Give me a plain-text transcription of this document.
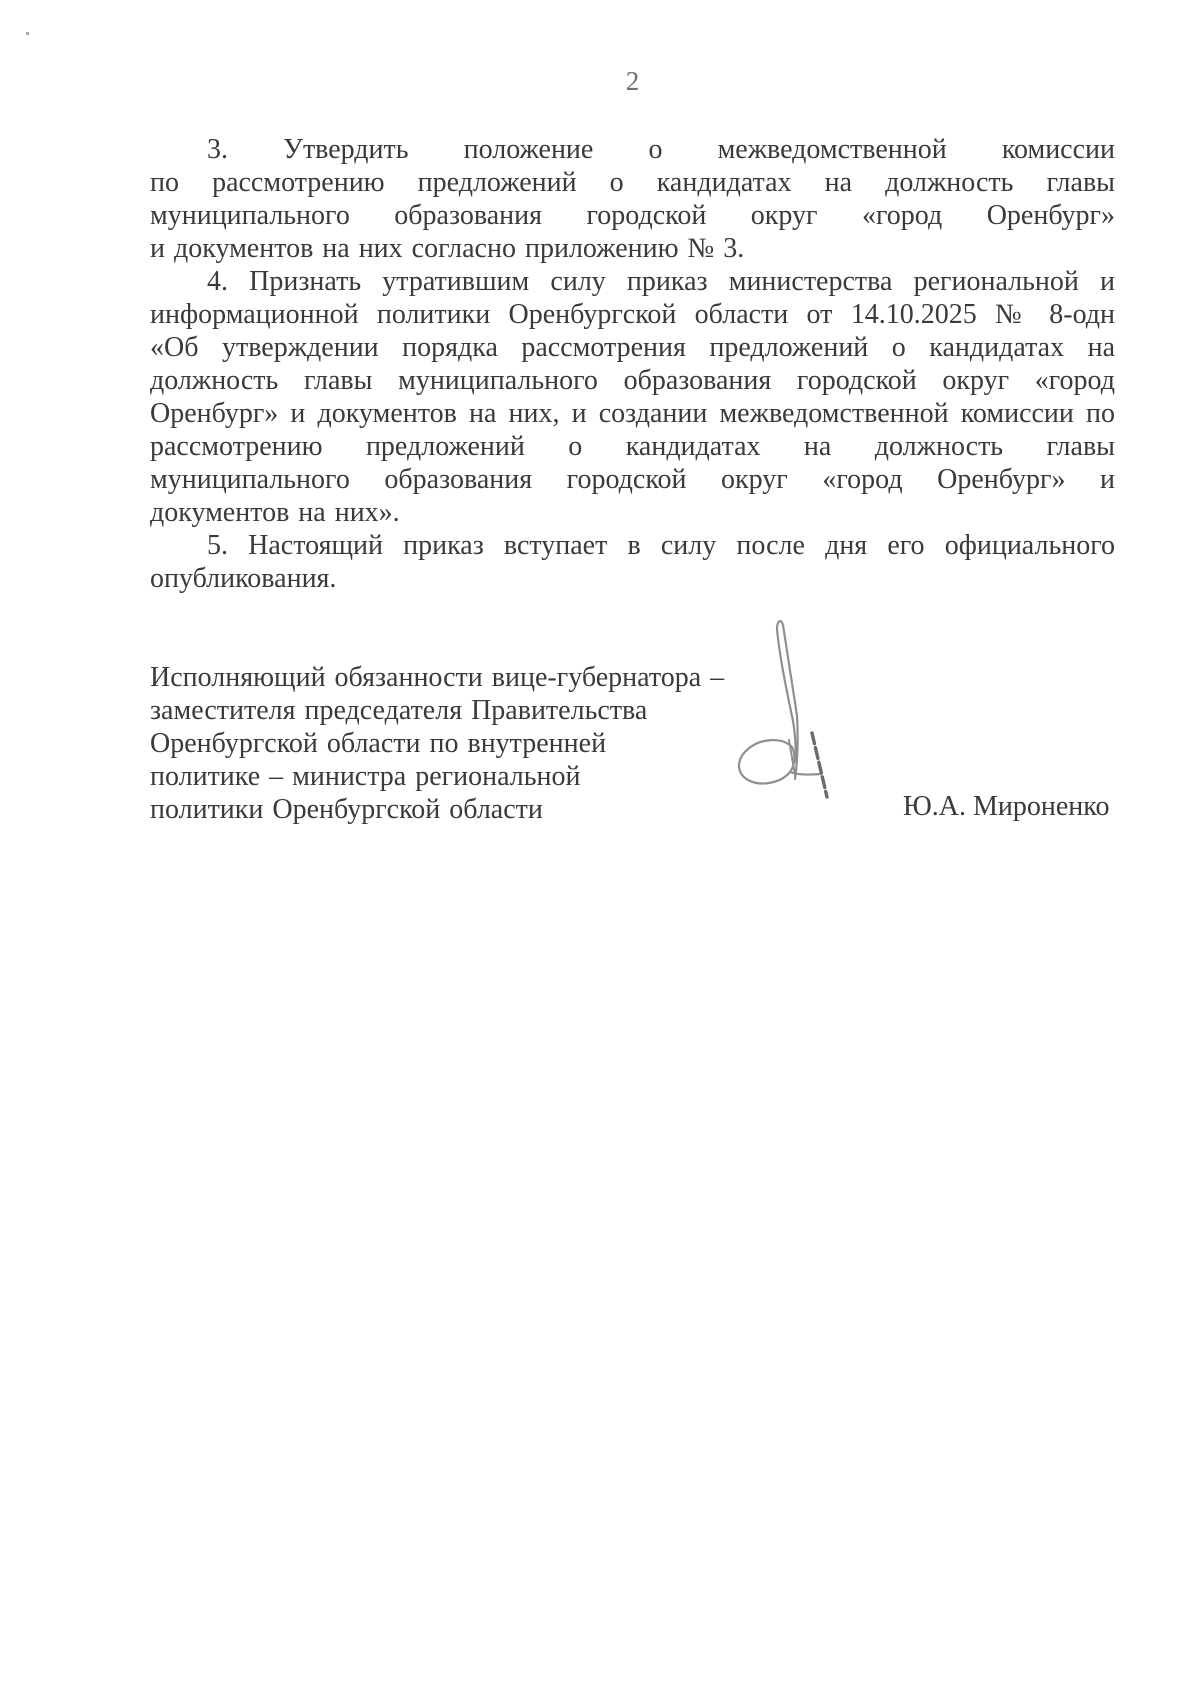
2
3. Утвердить положение о межведомственной комиссии
по рассмотрению предложений о кандидатах на должность главы
муниципального образования городской округ «город Оренбург»
и документов на них согласно приложению № 3.
4. Признать утратившим силу приказ министерства региональной и
информационной политики Оренбургской области от 14.10.2025 № 8-одн
«Об утверждении порядка рассмотрения предложений о кандидатах на
должность главы муниципального образования городской округ «город
Оренбург» и документов на них, и создании межведомственной комиссии по
рассмотрению предложений о кандидатах на должность главы
муниципального образования городской округ «город Оренбург» и
документов на них».
5. Настоящий приказ вступает в силу после дня его официального
опубликования.
Исполняющий обязанности вице-губернатора –
заместителя председателя Правительства
Оренбургской области по внутренней
политике – министра региональной
политики Оренбургской области	Ю.А. Мироненко
